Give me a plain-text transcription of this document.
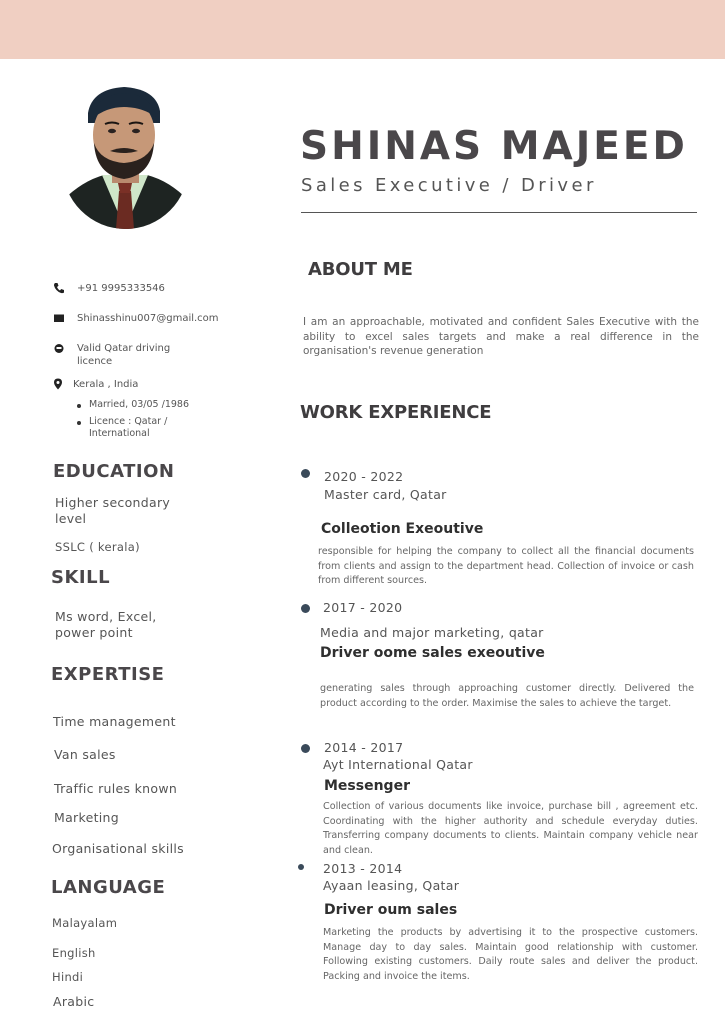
SHINAS MAJEED
Sales Executive / Driver
+91 9995333546
Shinasshinu007@gmail.com
Valid Qatar driving licence
Kerala , India
Married, 03/05 /1986
Licence : Qatar / International
EDUCATION
Higher secondary level
SSLC ( kerala)
SKILL
Ms word, Excel, power point
EXPERTISE
Time management
Van sales
Traffic rules known
Marketing
Organisational skills
LANGUAGE
Malayalam
English
Hindi
Arabic
ABOUT ME
I am an approachable, motivated and confident Sales Executive with the ability to excel sales targets and make a real difference in the organisation's revenue generation
WORK EXPERIENCE
2020 - 2022
Master card, Qatar
Colleotion Exeoutive
responsible for helping the company to collect all the financial documents from clients and assign to the department head. Collection of invoice or cash from different sources.
2017 - 2020
Media and major marketing, qatar
Driver oome sales exeoutive
generating sales through approaching customer directly. Delivered the product according to the order. Maximise the sales to achieve the target.
2014 - 2017
Ayt International Qatar
Messenger
Collection of various documents like invoice, purchase bill , agreement etc. Coordinating with the higher authority and schedule everyday duties. Transferring company documents to clients. Maintain company vehicle near and clean.
2013 - 2014
Ayaan leasing, Qatar
Driver oum sales
Marketing the products by advertising it to the prospective customers. Manage day to day sales. Maintain good relationship with customer. Following existing customers. Daily route sales and deliver the product. Packing and invoice the items.
